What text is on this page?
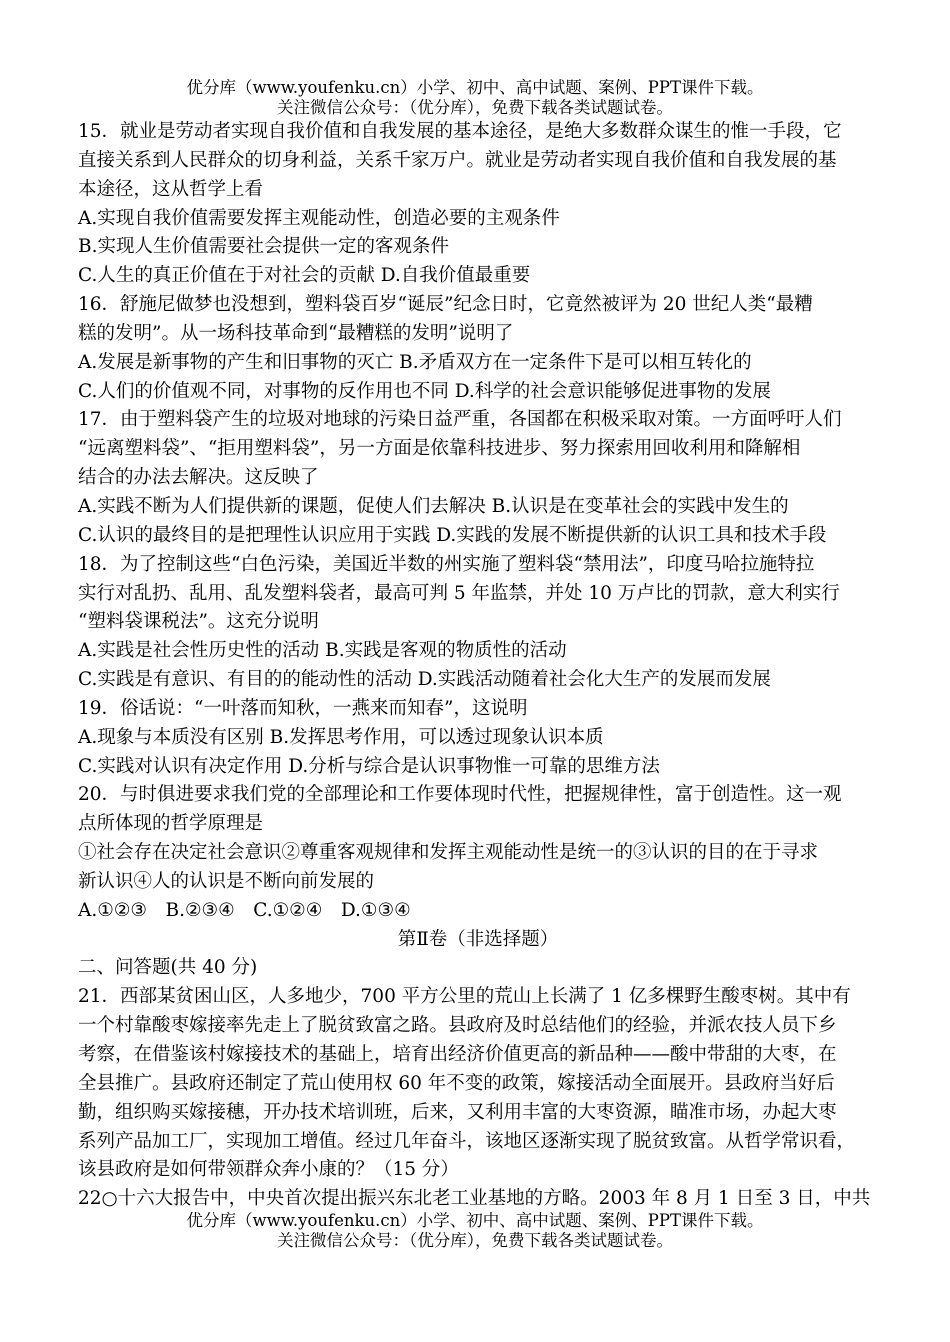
优分库（www.youfenku.cn）小学、初中、高中试题、案例、PPT课件下载。
关注微信公众号：（优分库），免费下载各类试题试卷。
15．就业是劳动者实现自我价值和自我发展的基本途径，是绝大多数群众谋生的惟一手段，它
直接关系到人民群众的切身利益，关系千家万户。就业是劳动者实现自我价值和自我发展的基
本途径，这从哲学上看
A.实现自我价值需要发挥主观能动性，创造必要的主观条件
B.实现人生价值需要社会提供一定的客观条件
C.人生的真正价值在于对社会的贡献 D.自我价值最重要
16．舒施尼做梦也没想到，塑料袋百岁“诞辰”纪念日时，它竟然被评为 20 世纪人类“最糟
糕的发明”。从一场科技革命到“最糟糕的发明”说明了
A.发展是新事物的产生和旧事物的灭亡 B.矛盾双方在一定条件下是可以相互转化的
C.人们的价值观不同，对事物的反作用也不同 D.科学的社会意识能够促进事物的发展
17．由于塑料袋产生的垃圾对地球的污染日益严重，各国都在积极采取对策。一方面呼吁人们
“远离塑料袋”、“拒用塑料袋”，另一方面是依靠科技进步、努力探索用回收利用和降解相
结合的办法去解决。这反映了
A.实践不断为人们提供新的课题，促使人们去解决 B.认识是在变革社会的实践中发生的
C.认识的最终目的是把理性认识应用于实践 D.实践的发展不断提供新的认识工具和技术手段
18．为了控制这些“白色污染，美国近半数的州实施了塑料袋“禁用法”，印度马哈拉施特拉
实行对乱扔、乱用、乱发塑料袋者，最高可判 5 年监禁，并处 10 万卢比的罚款，意大利实行
“塑料袋课税法”。这充分说明
A.实践是社会性历史性的活动 B.实践是客观的物质性的活动
C.实践是有意识、有目的的能动性的活动 D.实践活动随着社会化大生产的发展而发展
19．俗话说：“一叶落而知秋，一燕来而知春”，这说明
A.现象与本质没有区别 B.发挥思考作用，可以透过现象认识本质
C.实践对认识有决定作用 D.分析与综合是认识事物惟一可靠的思维方法
20．与时俱进要求我们党的全部理论和工作要体现时代性，把握规律性，富于创造性。这一观
点所体现的哲学原理是
①社会存在决定社会意识②尊重客观规律和发挥主观能动性是统一的③认识的目的在于寻求
新认识④人的认识是不断向前发展的
A.①②③　B.②③④　C.①②④　D.①③④
第Ⅱ卷（非选择题）
二、问答题(共 40 分)
21．西部某贫困山区，人多地少，700 平方公里的荒山上长满了 1 亿多棵野生酸枣树。其中有
一个村靠酸枣嫁接率先走上了脱贫致富之路。县政府及时总结他们的经验，并派农技人员下乡
考察，在借鉴该村嫁接技术的基础上，培育出经济价值更高的新品种——酸中带甜的大枣，在
全县推广。县政府还制定了荒山使用权 60 年不变的政策，嫁接活动全面展开。县政府当好后
勤，组织购买嫁接穗，开办技术培训班，后来，又利用丰富的大枣资源，瞄准市场，办起大枣
系列产品加工厂，实现加工增值。经过几年奋斗，该地区逐渐实现了脱贫致富。从哲学常识看，
该县政府是如何带领群众奔小康的？（15 分）
22○十六大报告中，中央首次提出振兴东北老工业基地的方略。2003 年 8 月 1 日至 3 日，中共
优分库（www.youfenku.cn）小学、初中、高中试题、案例、PPT课件下载。
关注微信公众号：（优分库），免费下载各类试题试卷。
